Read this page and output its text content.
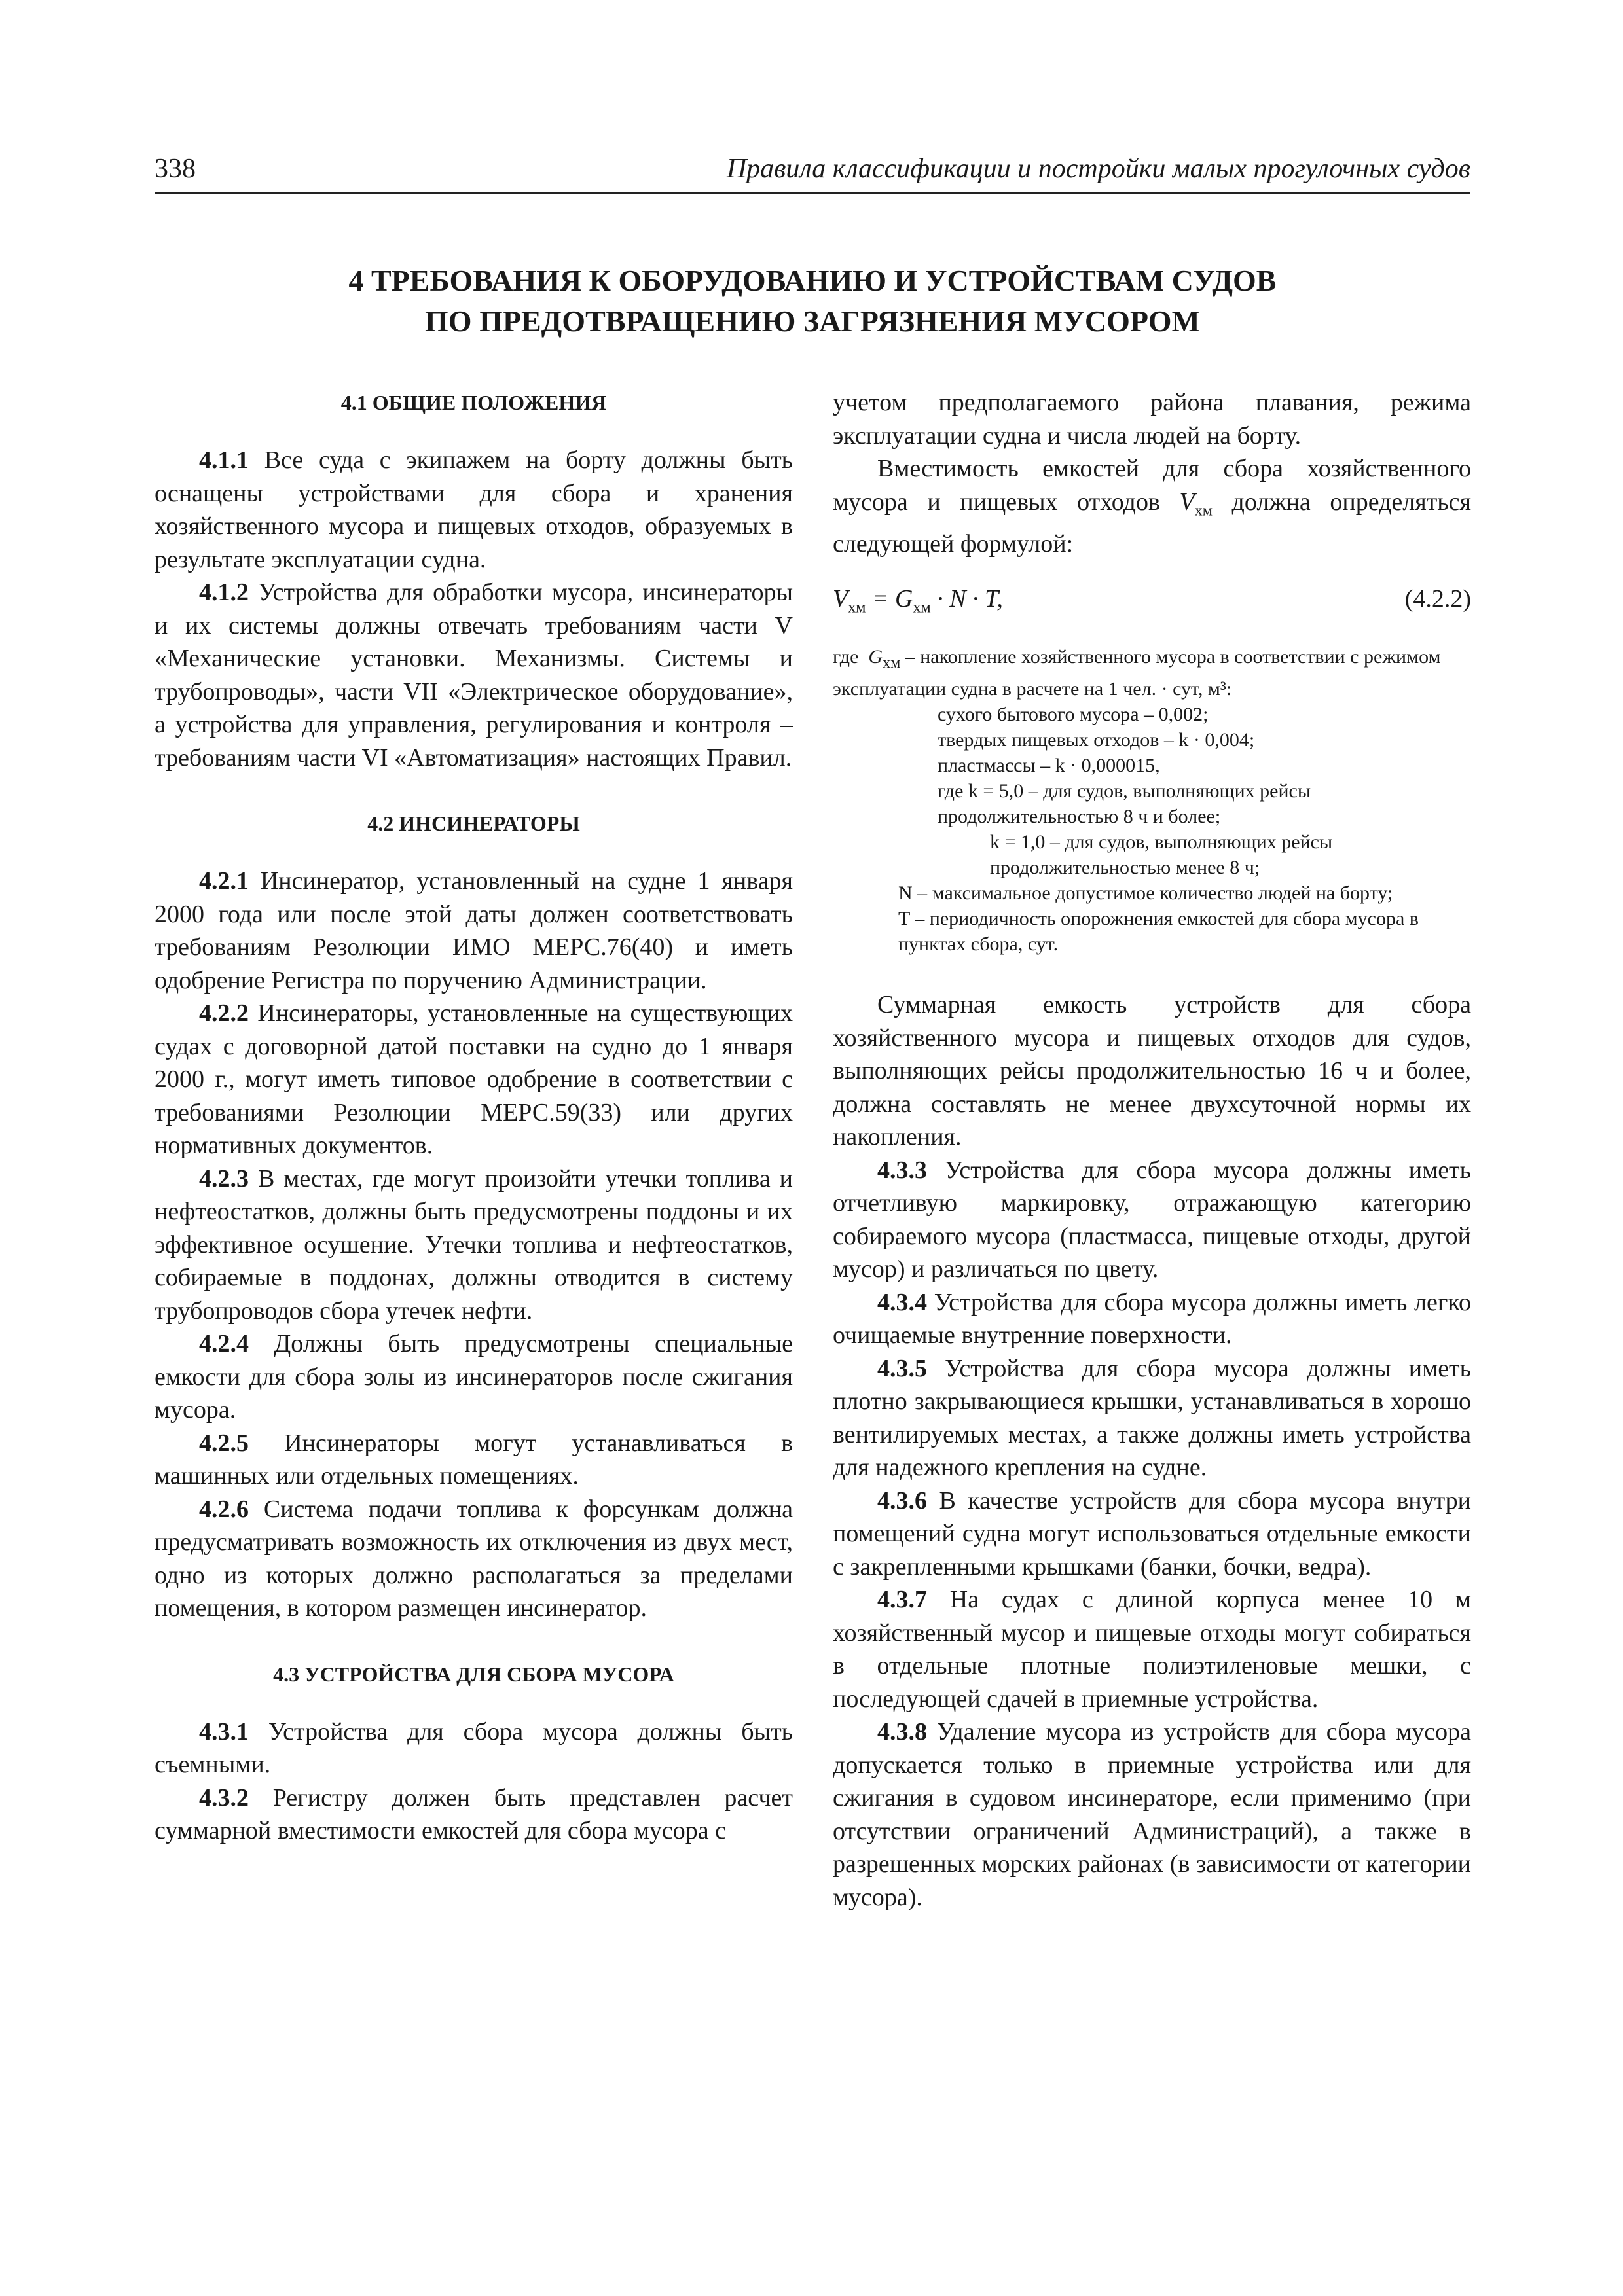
338	Правила классификации и постройки малых прогулочных судов
4 ТРЕБОВАНИЯ К ОБОРУДОВАНИЮ И УСТРОЙСТВАМ СУДОВ
ПО ПРЕДОТВРАЩЕНИЮ ЗАГРЯЗНЕНИЯ МУСОРОМ
4.1 ОБЩИЕ ПОЛОЖЕНИЯ

4.1.1 Все суда с экипажем на борту должны быть оснащены устройствами для сбора и хранения хозяйственного мусора и пищевых отходов, образуемых в результате эксплуатации судна.

4.1.2 Устройства для обработки мусора, инсинераторы и их системы должны отвечать требованиям части V «Механические установки. Механизмы. Системы и трубопроводы», части VII «Электрическое оборудование», а устройства для управления, регулирования и контроля – требованиям части VI «Автоматизация» настоящих Правил.

4.2 ИНСИНЕРАТОРЫ

4.2.1 Инсинератор, установленный на судне 1 января 2000 года или после этой даты должен соответствовать требованиям Резолюции ИМО МЕРС.76(40) и иметь одобрение Регистра по поручению Администрации.

4.2.2 Инсинераторы, установленные на существующих судах с договорной датой поставки на судно до 1 января 2000 г., могут иметь типовое одобрение в соответствии с требованиями Резолюции МЕРС.59(33) или других нормативных документов.

4.2.3 В местах, где могут произойти утечки топлива и нефтеостатков, должны быть предусмотрены поддоны и их эффективное осушение. Утечки топлива и нефтеостатков, собираемые в поддонах, должны отводится в систему трубопроводов сбора утечек нефти.

4.2.4 Должны быть предусмотрены специальные емкости для сбора золы из инсинераторов после сжигания мусора.

4.2.5 Инсинераторы могут устанавливаться в машинных или отдельных помещениях.

4.2.6 Система подачи топлива к форсункам должна предусматривать возможность их отключения из двух мест, одно из которых должно располагаться за пределами помещения, в котором размещен инсинератор.

4.3 УСТРОЙСТВА ДЛЯ СБОРА МУСОРА

4.3.1 Устройства для сбора мусора должны быть съемными.

4.3.2 Регистру должен быть представлен расчет суммарной вместимости емкостей для сбора мусора с

учетом предполагаемого района плавания, режима эксплуатации судна и числа людей на борту.

Вместимость емкостей для сбора хозяйственного мусора и пищевых отходов $V_{хм}$ должна определяться следующей формулой:

$V_{хм} = G_{хм} \cdot N \cdot T$,	(4.2.2)
где  $G_{хм}$ – накопление хозяйственного мусора в соответствии с режимом эксплуатации судна в расчете на 1 чел. · сут, м³:
сухого бытового мусора – 0,002;
твердых пищевых отходов – k · 0,004;
пластмассы – k · 0,000015,
где k = 5,0 – для судов, выполняющих рейсы продолжительностью 8 ч и более;
k = 1,0 – для судов, выполняющих рейсы продолжительностью менее 8 ч;
N – максимальное допустимое количество людей на борту;
T – периодичность опорожнения емкостей для сбора мусора в пунктах сбора, сут.

Суммарная емкость устройств для сбора хозяйственного мусора и пищевых отходов для судов, выполняющих рейсы продолжительностью 16 ч и более, должна составлять не менее двухсуточной нормы их накопления.

4.3.3 Устройства для сбора мусора должны иметь отчетливую маркировку, отражающую категорию собираемого мусора (пластмасса, пищевые отходы, другой мусор) и различаться по цвету.

4.3.4 Устройства для сбора мусора должны иметь легко очищаемые внутренние поверхности.

4.3.5 Устройства для сбора мусора должны иметь плотно закрывающиеся крышки, устанавливаться в хорошо вентилируемых местах, а также должны иметь устройства для надежного крепления на судне.

4.3.6 В качестве устройств для сбора мусора внутри помещений судна могут использоваться отдельные емкости с закрепленными крышками (банки, бочки, ведра).

4.3.7 На судах с длиной корпуса менее 10 м хозяйственный мусор и пищевые отходы могут собираться в отдельные плотные полиэтиленовые мешки, с последующей сдачей в приемные устройства.

4.3.8 Удаление мусора из устройств для сбора мусора допускается только в приемные устройства или для сжигания в судовом инсинераторе, если применимо (при отсутствии ограничений Администраций), а также в разрешенных морских районах (в зависимости от категории мусора).
